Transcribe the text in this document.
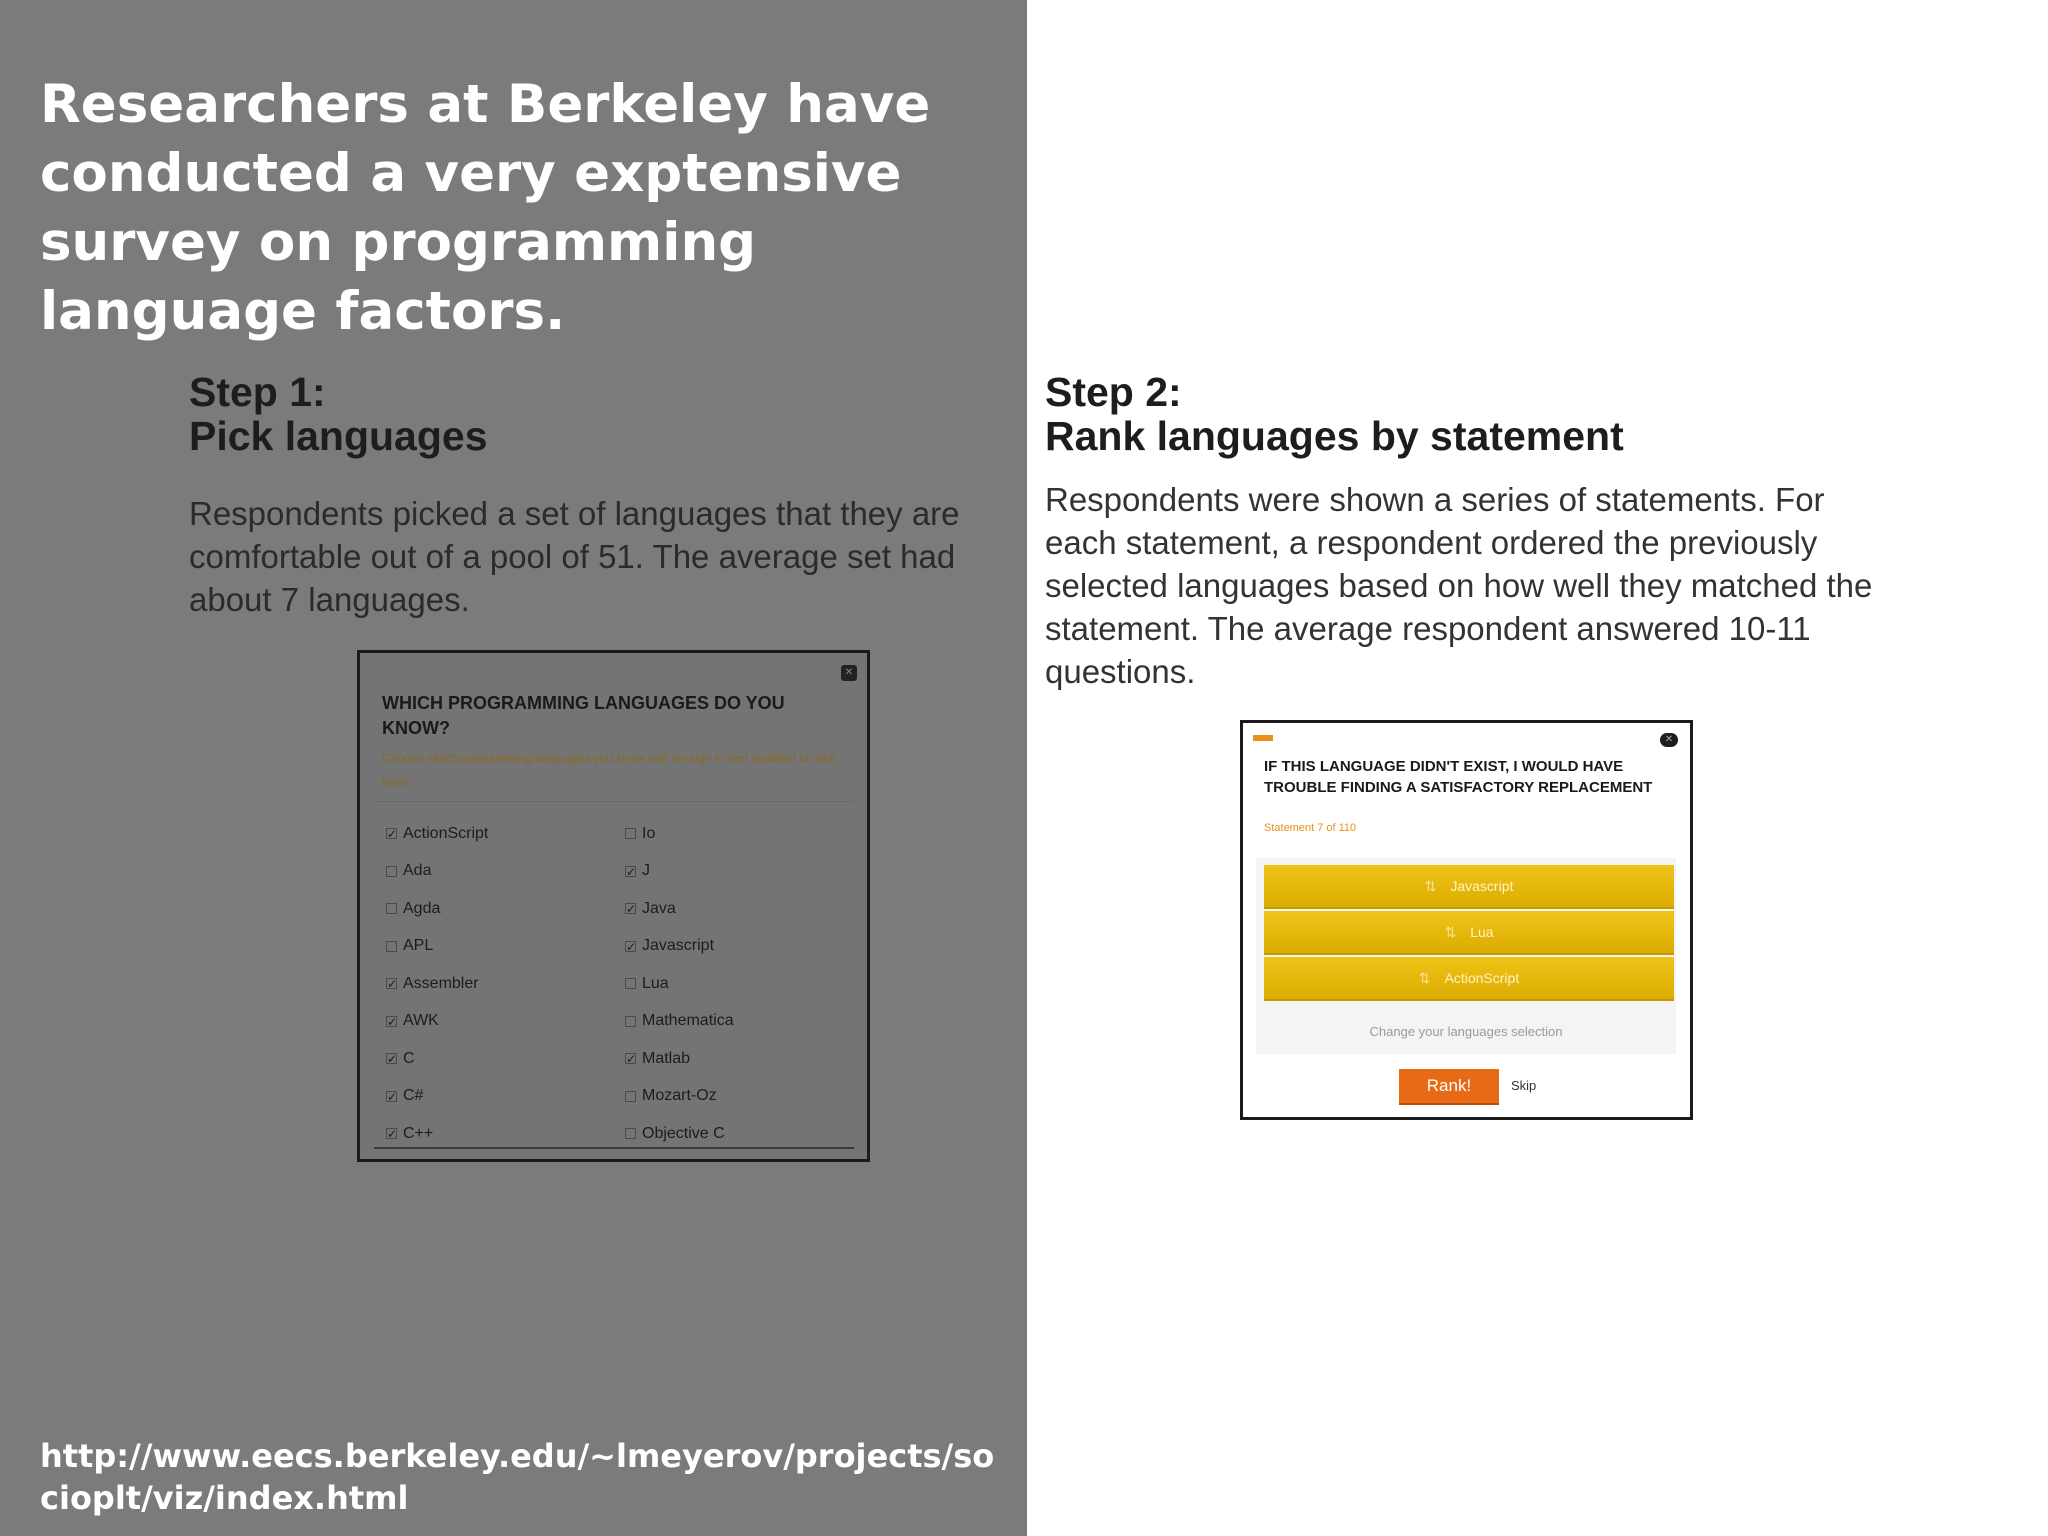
Researchers at Berkeley have conducted a very exptensive survey on programming language factors.
Step 1:
Pick languages

Respondents picked a set of languages that they are comfortable out of a pool of 51. The average set had about 7 languages.

✕
WHICH PROGRAMMING LANGUAGES DO YOU KNOW?
Choose which programming languages you know well enough to feel qualified to rank them.
✓ ActionScript
Ada
Agda
APL
✓ Assembler
✓ AWK
✓ C
✓ C#
✓ C++
Io
✓ J
✓ Java
✓ Javascript
Lua
Mathematica
✓ Matlab
Mozart-Oz
Objective C
Step 2:
Rank languages by statement

Respondents were shown a series of statements. For each statement, a respondent ordered the previously selected languages based on how well they matched the statement. The average respondent answered 10-11 questions.

✕
IF THIS LANGUAGE DIDN'T EXIST, I WOULD HAVE TROUBLE FINDING A SATISFACTORY REPLACEMENT
Statement 7 of 110
⇅ Javascript
⇅ Lua
⇅ ActionScript
Change your languages selection
Rank!	Skip

http://www.eecs.berkeley.edu/~lmeyerov/projects/socioplt/viz/index.html
